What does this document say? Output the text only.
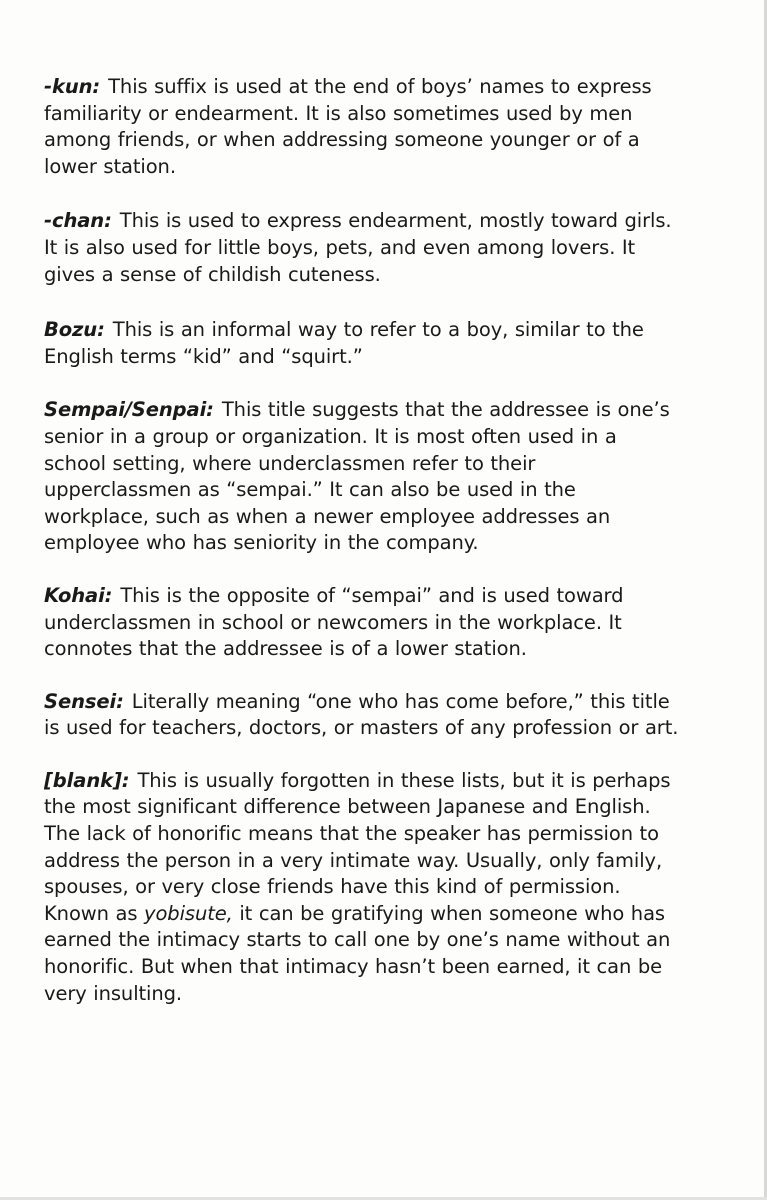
-kun: This suffix is used at the end of boys’ names to express familiarity or endearment. It is also sometimes used by men among friends, or when addressing someone younger or of a lower station.

-chan: This is used to express endearment, mostly toward girls. It is also used for little boys, pets, and even among lovers. It gives a sense of childish cuteness.

Bozu: This is an informal way to refer to a boy, similar to the English terms “kid” and “squirt.”

Sempai/Senpai: This title suggests that the addressee is one’s senior in a group or organization. It is most often used in a school setting, where underclassmen refer to their upperclassmen as “sempai.” It can also be used in the workplace, such as when a newer employee addresses an employee who has seniority in the company.

Kohai: This is the opposite of “sempai” and is used toward underclassmen in school or newcomers in the workplace. It connotes that the addressee is of a lower station.

Sensei: Literally meaning “one who has come before,” this title is used for teachers, doctors, or masters of any profession or art.

[blank]: This is usually forgotten in these lists, but it is perhaps the most significant difference between Japanese and English. The lack of honorific means that the speaker has permission to address the person in a very intimate way. Usually, only family, spouses, or very close friends have this kind of permission. Known as yobisute, it can be gratifying when someone who has earned the intimacy starts to call one by one’s name without an honorific. But when that intimacy hasn’t been earned, it can be very insulting.
